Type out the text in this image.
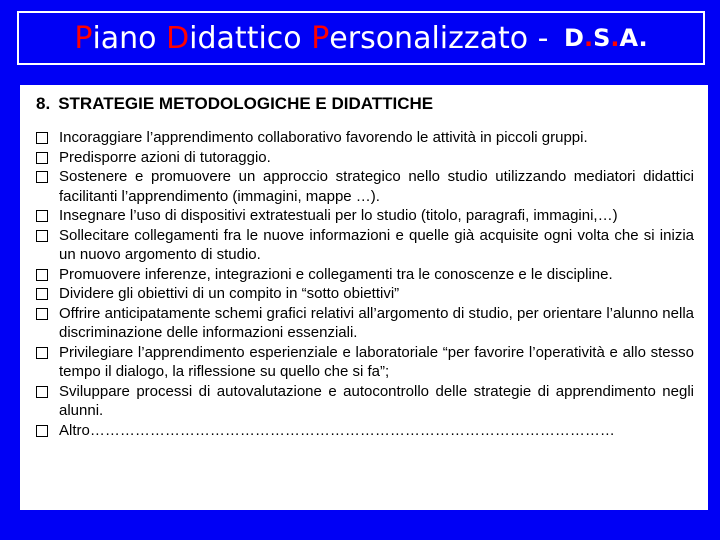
P iano D idattico P ersonalizzato - D.S.A.
8. STRATEGIE METODOLOGICHE E DIDATTICHE
Incoraggiare l’apprendimento collaborativo favorendo le attività in piccoli gruppi.
Predisporre azioni di tutoraggio.
Sostenere e promuovere un approccio strategico nello studio utilizzando mediatori didattici facilitanti l’apprendimento (immagini, mappe …).
Insegnare l’uso di dispositivi extratestuali per lo studio (titolo, paragrafi, immagini,…)
Sollecitare collegamenti fra le nuove informazioni e quelle già acquisite ogni volta che si inizia un nuovo argomento di studio.
Promuovere inferenze, integrazioni e collegamenti tra le conoscenze e le discipline.
Dividere gli obiettivi di un compito in “sotto obiettivi”
Offrire anticipatamente schemi grafici relativi all’argomento di studio, per orientare l’alunno nella discriminazione delle informazioni essenziali.
Privilegiare l’apprendimento esperienziale e laboratoriale “per favorire l’operatività e allo stesso tempo il dialogo, la riflessione su quello che si fa”;
Sviluppare processi di autovalutazione e autocontrollo delle strategie di apprendimento negli alunni.
Altro……………………………………………………………………………………………
